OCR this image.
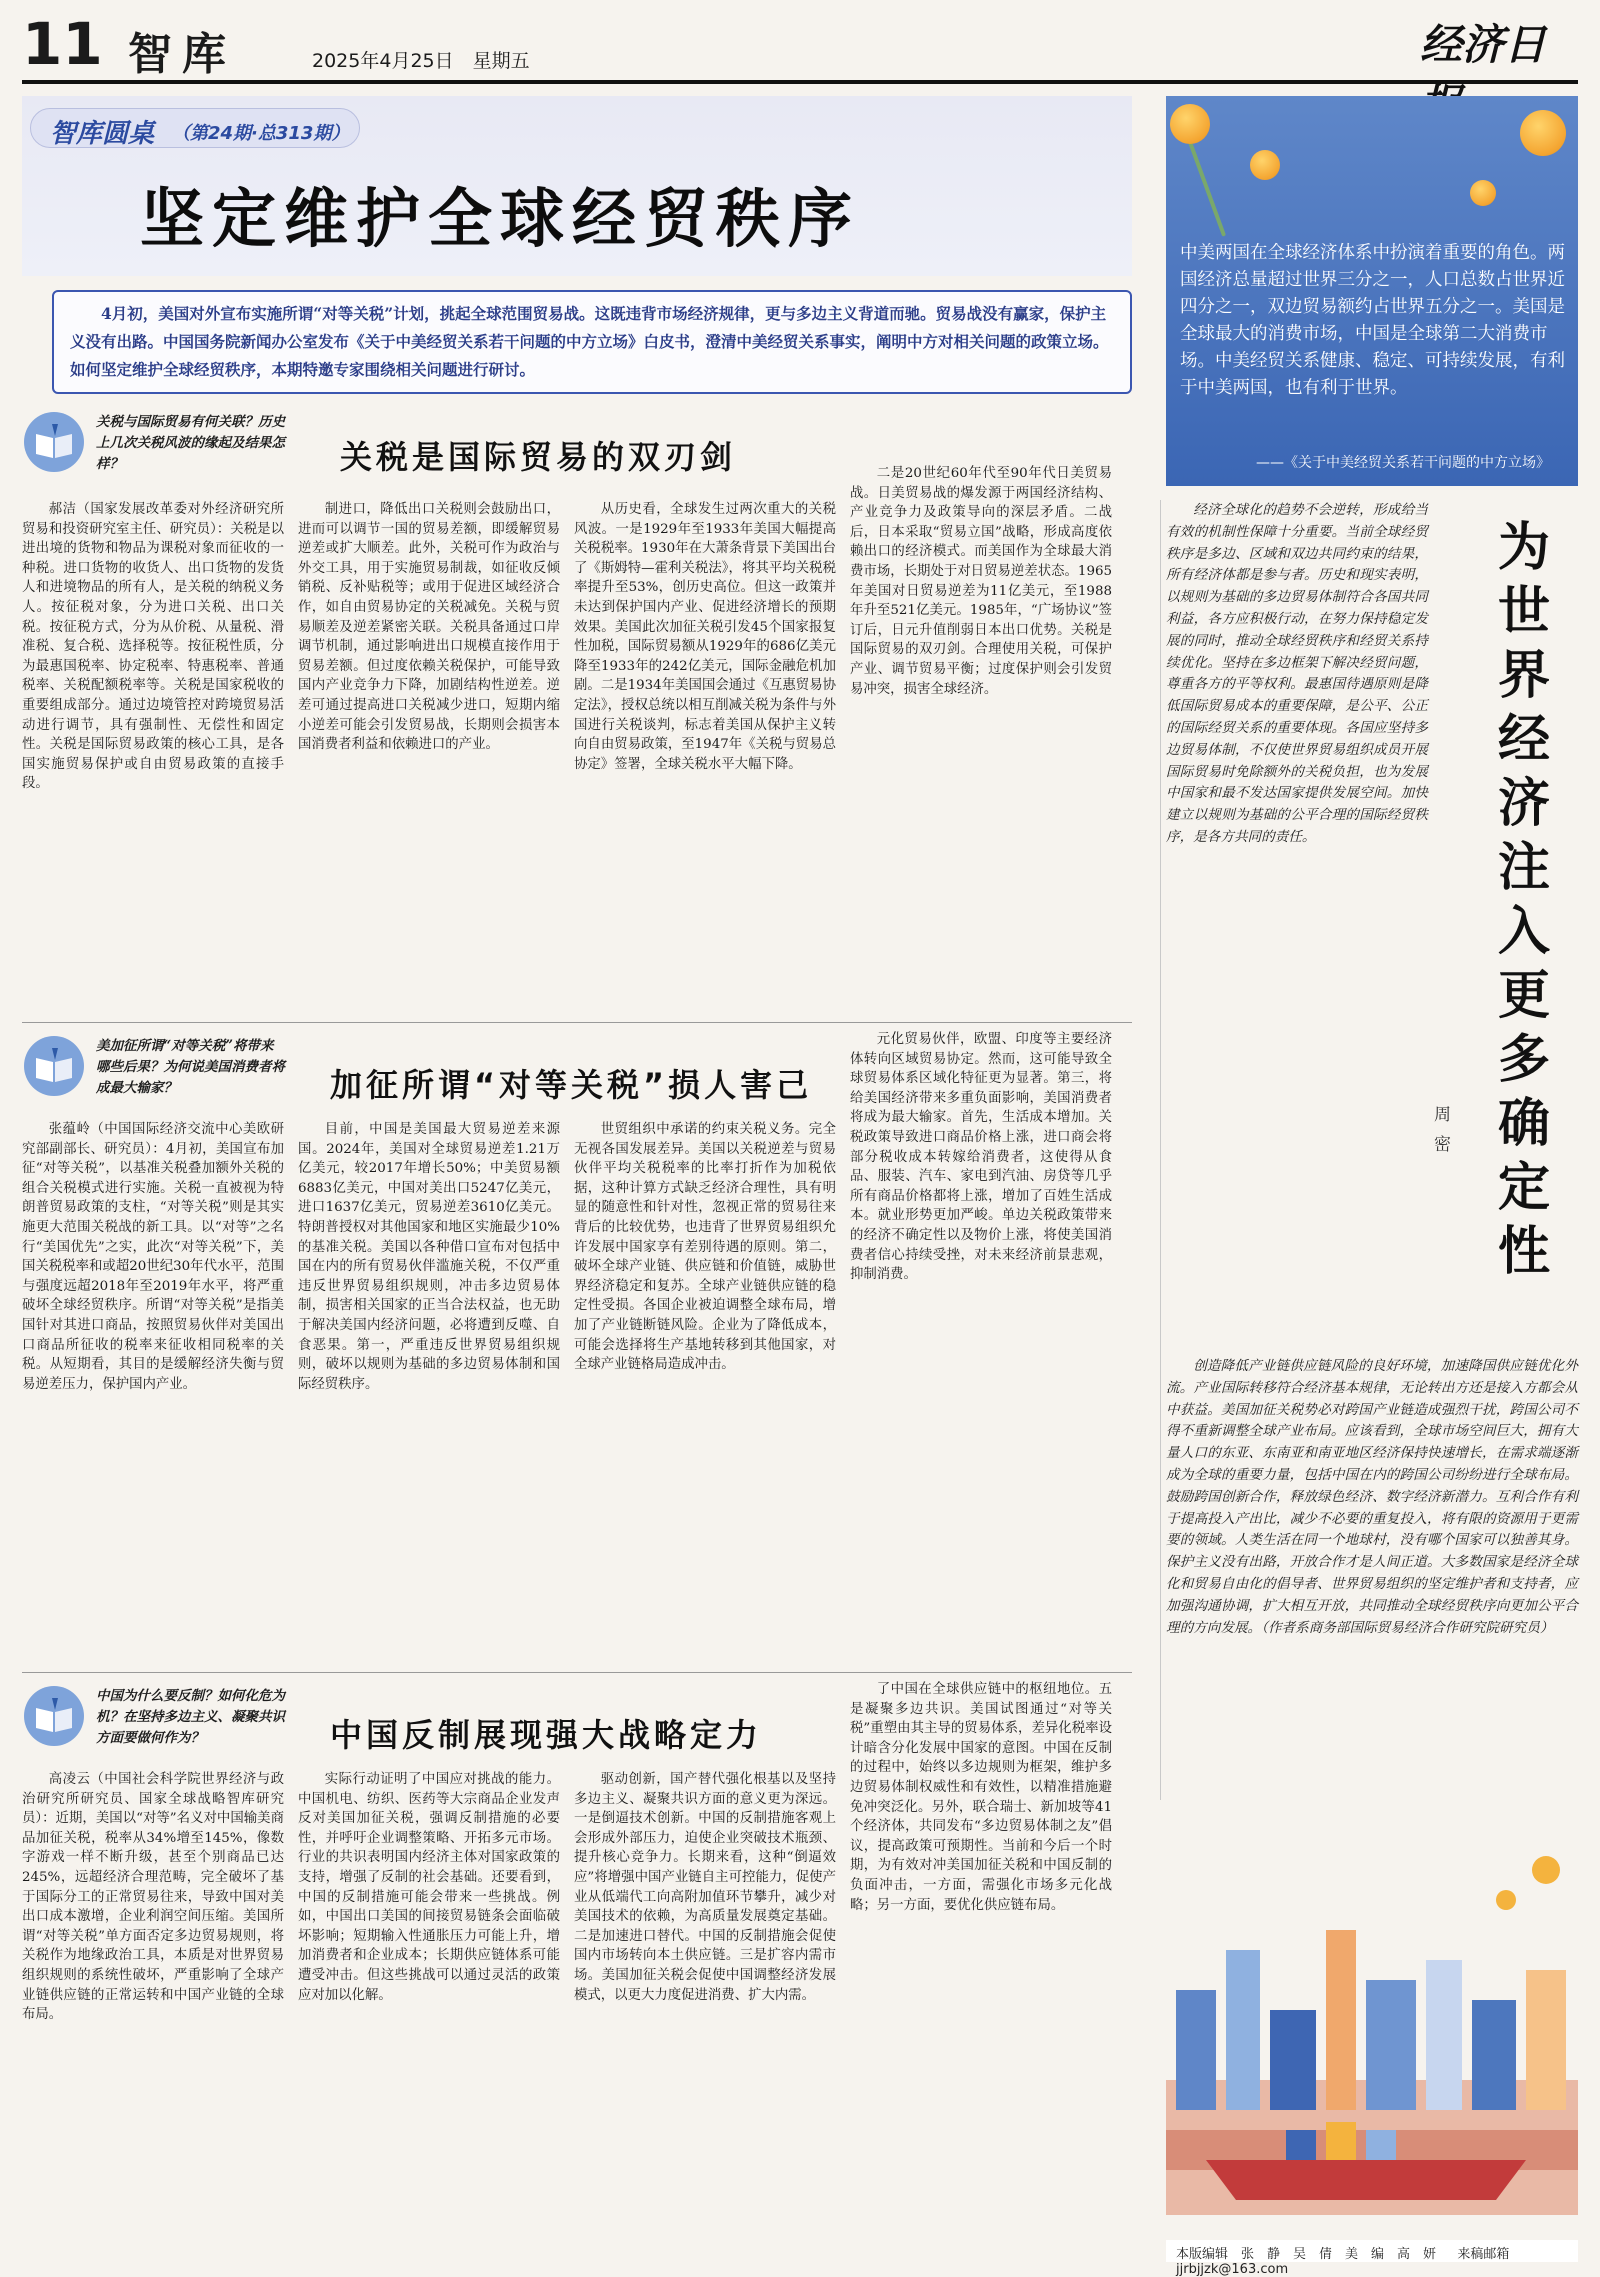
11 智库	2025年4月25日　星期五	经济日
智库圆桌 （第24期·总313期）
坚定维护全球经贸秩序
4月初，美国对外宣布实施所谓“对等关税”计划，挑起全球范围贸易战。这既违背市场经济规律，更与多边主义背道而驰。贸易战没有赢家，保护主义没有出路。中国国务院新闻办公室发布《关于中美经贸关系若干问题的中方立场》白皮书，澄清中美经贸关系事实，阐明中方对相关问题的政策立场。如何坚定维护全球经贸秩序，本期特邀专家围绕相关问题进行研讨。
中美两国在全球经济体系中扮演着重要的角色。两国经济总量超过世界三分之一，人口总数占世界近四分之一，双边贸易额约占世界五分之一。美国是全球最大的消费市场，中国是全球第二大消费市场。中美经贸关系健康、稳定、可持续发展，有利于中美两国，也有利于世界。
——《关于中美经贸关系若干问题的中方立场》
为世界经济注入更多确定性
周密
经济全球化的趋势不会逆转，形成给当有效的机制性保障十分重要。当前全球经贸秩序是多边、区域和双边共同约束的结果，所有经济体都是参与者。历史和现实表明，以规则为基础的多边贸易体制符合各国共同利益，各方应积极行动，在努力保持稳定发展的同时，推动全球经贸秩序和经贸关系持续优化。坚持在多边框架下解决经贸问题，尊重各方的平等权利。最惠国待遇原则是降低国际贸易成本的重要保障，是公平、公正的国际经贸关系的重要体现。各国应坚持多边贸易体制，不仅使世界贸易组织成员开展国际贸易时免除额外的关税负担，也为发展中国家和最不发达国家提供发展空间。加快建立以规则为基础的公平合理的国际经贸秩序，是各方共同的责任。
创造降低产业链供应链风险的良好环境，加速降国供应链优化外流。产业国际转移符合经济基本规律，无论转出方还是接入方都会从中获益。美国加征关税势必对跨国产业链造成强烈干扰，跨国公司不得不重新调整全球产业布局。应该看到，全球市场空间巨大，拥有大量人口的东亚、东南亚和南亚地区经济保持快速增长，在需求端逐渐成为全球的重要力量，包括中国在内的跨国公司纷纷进行全球布局。鼓励跨国创新合作，释放绿色经济、数字经济新潜力。互利合作有利于提高投入产出比，减少不必要的重复投入，将有限的资源用于更需要的领域。人类生活在同一个地球村，没有哪个国家可以独善其身。保护主义没有出路，开放合作才是人间正道。大多数国家是经济全球化和贸易自由化的倡导者、世界贸易组织的坚定维护者和支持者，应加强沟通协调，扩大相互开放，共同推动全球经贸秩序向更加公平合理的方向发展。（作者系商务部国际贸易经济合作研究院研究员）
关税与国际贸易有何关联？历史上几次关税风波的缘起及结果怎样？	关税是国际贸易的双刃剑
郝洁（国家发展改革委对外经济研究所贸易和投资研究室主任、研究员）：关税是以进出境的货物和物品为课税对象而征收的一种税。进口货物的收货人、出口货物的发货人和进境物品的所有人，是关税的纳税义务人。按征税对象，分为进口关税、出口关税。按征税方式，分为从价税、从量税、滑准税、复合税、选择税等。按征税性质，分为最惠国税率、协定税率、特惠税率、普通税率、关税配额税率等。关税是国家税收的重要组成部分。通过边境管控对跨境贸易活动进行调节，具有强制性、无偿性和固定性。关税是国际贸易政策的核心工具，是各国实施贸易保护或自由贸易政策的直接手段。
制进口，降低出口关税则会鼓励出口，进而可以调节一国的贸易差额，即缓解贸易逆差或扩大顺差。此外，关税可作为政治与外交工具，用于实施贸易制裁，如征收反倾销税、反补贴税等；或用于促进区域经济合作，如自由贸易协定的关税减免。关税与贸易顺差及逆差紧密关联。关税具备通过口岸调节机制，通过影响进出口规模直接作用于贸易差额。但过度依赖关税保护，可能导致国内产业竞争力下降，加剧结构性逆差。逆差可通过提高进口关税减少进口，短期内缩小逆差可能会引发贸易战，长期则会损害本国消费者利益和依赖进口的产业。
从历史看，全球发生过两次重大的关税风波。一是1929年至1933年美国大幅提高关税税率。1930年在大萧条背景下美国出台了《斯姆特—霍利关税法》，将其平均关税税率提升至53%，创历史高位。但这一政策并未达到保护国内产业、促进经济增长的预期效果。美国此次加征关税引发45个国家报复性加税，国际贸易额从1929年的686亿美元降至1933年的242亿美元，国际金融危机加剧。二是1934年美国国会通过《互惠贸易协定法》，授权总统以相互削减关税为条件与外国进行关税谈判，标志着美国从保护主义转向自由贸易政策，至1947年《关税与贸易总协定》签署，全球关税水平大幅下降。
二是20世纪60年代至90年代日美贸易战。日美贸易战的爆发源于两国经济结构、产业竞争力及政策导向的深层矛盾。二战后，日本采取“贸易立国”战略，形成高度依赖出口的经济模式。而美国作为全球最大消费市场，长期处于对日贸易逆差状态。1965年美国对日贸易逆差为11亿美元，至1988年升至521亿美元。1985年，“广场协议”签订后，日元升值削弱日本出口优势。关税是国际贸易的双刃剑。合理使用关税，可保护产业、调节贸易平衡；过度保护则会引发贸易冲突，损害全球经济。
美加征所谓“对等关税”将带来哪些后果？为何说美国消费者将成最大输家？	加征所谓“对等关税”损人害己
张蕴岭（中国国际经济交流中心美欧研究部副部长、研究员）：4月初，美国宣布加征“对等关税”，以基准关税叠加额外关税的组合关税模式进行实施。关税一直被视为特朗普贸易政策的支柱，“对等关税”则是其实施更大范围关税战的新工具。以“对等”之名行“美国优先”之实，此次“对等关税”下，美国关税税率和或超20世纪30年代水平，范围与强度远超2018年至2019年水平，将严重破坏全球经贸秩序。所谓“对等关税”是指美国针对其进口商品，按照贸易伙伴对美国出口商品所征收的税率来征收相同税率的关税。从短期看，其目的是缓解经济失衡与贸易逆差压力，保护国内产业。
目前，中国是美国最大贸易逆差来源国。2024年，美国对全球贸易逆差1.21万亿美元，较2017年增长50%；中美贸易额6883亿美元，中国对美出口5247亿美元，进口1637亿美元，贸易逆差3610亿美元。特朗普授权对其他国家和地区实施最少10%的基准关税。美国以各种借口宣布对包括中国在内的所有贸易伙伴滥施关税，不仅严重违反世界贸易组织规则，冲击多边贸易体制，损害相关国家的正当合法权益，也无助于解决美国内经济问题，必将遭到反噬、自食恶果。第一，严重违反世界贸易组织规则，破坏以规则为基础的多边贸易体制和国际经贸秩序。
世贸组织中承诺的约束关税义务。完全无视各国发展差异。美国以关税逆差与贸易伙伴平均关税税率的比率打折作为加税依据，这种计算方式缺乏经济合理性，具有明显的随意性和针对性，忽视正常的贸易往来背后的比较优势，也违背了世界贸易组织允许发展中国家享有差别待遇的原则。第二，破坏全球产业链、供应链和价值链，威胁世界经济稳定和复苏。全球产业链供应链的稳定性受损。各国企业被迫调整全球布局，增加了产业链断链风险。企业为了降低成本，可能会选择将生产基地转移到其他国家，对全球产业链格局造成冲击。
元化贸易伙伴，欧盟、印度等主要经济体转向区域贸易协定。然而，这可能导致全球贸易体系区域化特征更为显著。第三，将给美国经济带来多重负面影响，美国消费者将成为最大输家。首先，生活成本增加。关税政策导致进口商品价格上涨，进口商会将部分税收成本转嫁给消费者，这使得从食品、服装、汽车、家电到汽油、房贷等几乎所有商品价格都将上涨，增加了百姓生活成本。就业形势更加严峻。单边关税政策带来的经济不确定性以及物价上涨，将使美国消费者信心持续受挫，对未来经济前景悲观，抑制消费。
中国为什么要反制？如何化危为机？在坚持多边主义、凝聚共识方面要做何作为？	中国反制展现强大战略定力
高凌云（中国社会科学院世界经济与政治研究所研究员、国家全球战略智库研究员）：近期，美国以“对等”名义对中国输美商品加征关税，税率从34%增至145%，像数字游戏一样不断升级，甚至个别商品已达245%，远超经济合理范畴，完全破坏了基于国际分工的正常贸易往来，导致中国对美出口成本激增，企业利润空间压缩。美国所谓“对等关税”单方面否定多边贸易规则，将关税作为地缘政治工具，本质是对世界贸易组织规则的系统性破坏，严重影响了全球产业链供应链的正常运转和中国产业链的全球布局。
实际行动证明了中国应对挑战的能力。中国机电、纺织、医药等大宗商品企业发声反对美国加征关税，强调反制措施的必要性，并呼吁企业调整策略、开拓多元市场。行业的共识表明国内经济主体对国家政策的支持，增强了反制的社会基础。还要看到，中国的反制措施可能会带来一些挑战。例如，中国出口美国的间接贸易链条会面临破坏影响；短期输入性通胀压力可能上升，增加消费者和企业成本；长期供应链体系可能遭受冲击。但这些挑战可以通过灵活的政策应对加以化解。
驱动创新，国产替代强化根基以及坚持多边主义、凝聚共识方面的意义更为深远。一是倒逼技术创新。中国的反制措施客观上会形成外部压力，迫使企业突破技术瓶颈、提升核心竞争力。长期来看，这种“倒逼效应”将增强中国产业链自主可控能力，促使产业从低端代工向高附加值环节攀升，减少对美国技术的依赖，为高质量发展奠定基础。二是加速进口替代。中国的反制措施会促使国内市场转向本土供应链。三是扩容内需市场。美国加征关税会促使中国调整经济发展模式，以更大力度促进消费、扩大内需。
了中国在全球供应链中的枢纽地位。五是凝聚多边共识。美国试图通过“对等关税”重塑由其主导的贸易体系，差异化税率设计暗含分化发展中国家的意图。中国在反制的过程中，始终以多边规则为框架，维护多边贸易体制权威性和有效性，以精准措施避免冲突泛化。另外，联合瑞士、新加坡等41个经济体，共同发布“多边贸易体制之友”倡议，提高政策可预期性。当前和今后一个时期，为有效对冲美国加征关税和中国反制的负面冲击，一方面，需强化市场多元化战略；另一方面，要优化供应链布局。
本版编辑　张　静　吴　倩　美　编　高　妍 　 来稿邮箱　jjrbjjzk@163.com
